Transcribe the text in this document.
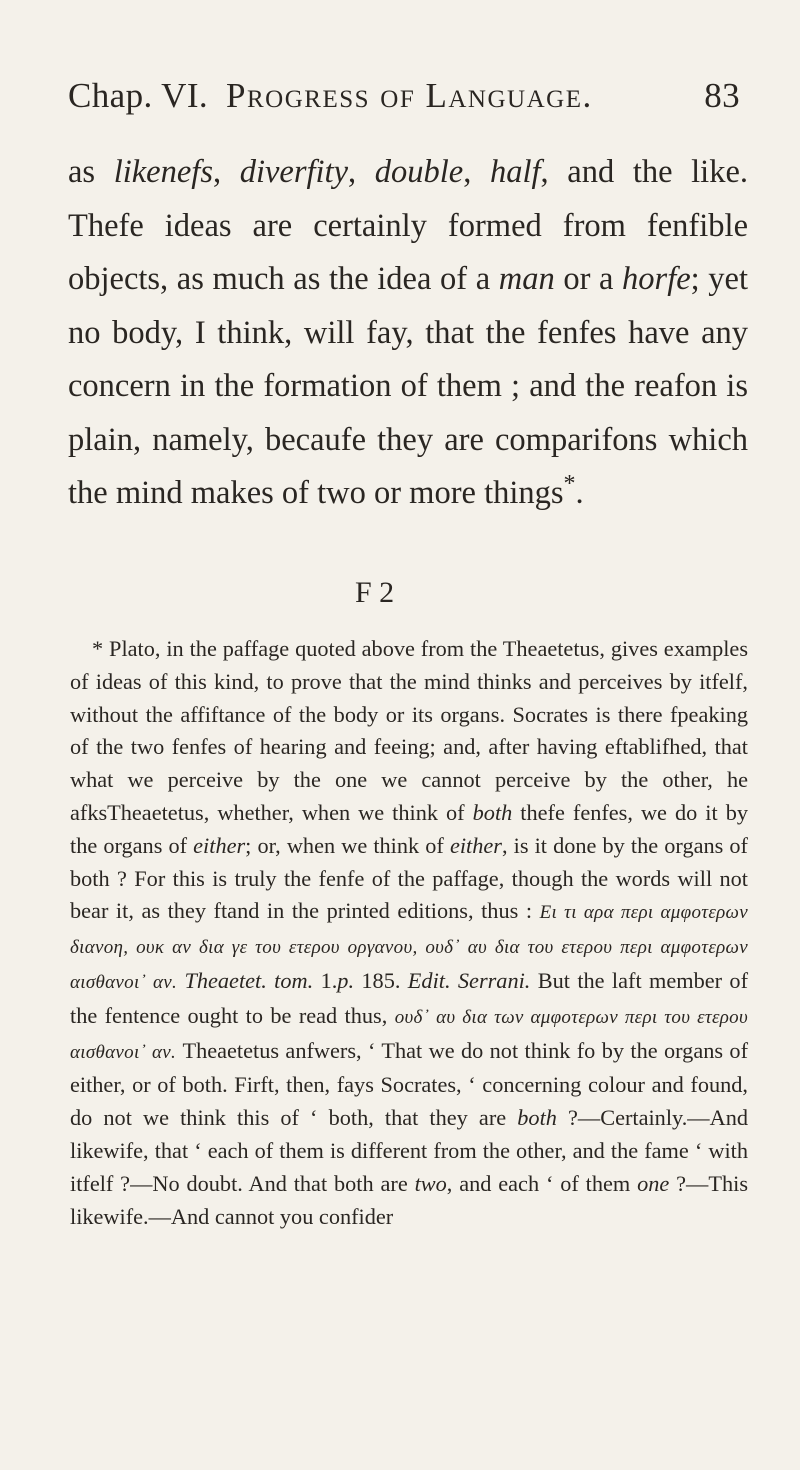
Chap. VI. Progress of Language.	83
as likenefs, diverfity, double, half, and the like. Thefe ideas are certainly formed from fenfible objects, as much as the idea of a man or a horfe; yet no body, I think, will fay, that the fenfes have any concern in the formation of them ; and the reafon is plain, namely, becaufe they are comparifons which the mind makes of two or more things*.
F 2

* Plato, in the paffage quoted above from the Theaetetus, gives examples of ideas of this kind, to prove that the mind thinks and perceives by itfelf, without the affiftance of the body or its organs. Socrates is there fpeaking of the two fenfes of hearing and feeing; and, after having eftablifhed, that what we perceive by the one we cannot perceive by the other, he afksTheaetetus, whether, when we think of both thefe fenfes, we do it by the organs of either; or, when we think of either, is it done by the organs of both ? For this is truly the fenfe of the paffage, though the words will not bear it, as they ftand in the printed editions, thus : Ει τι αρα περι αμφοτερων διανοη, ουκ αν δια γε του ετερου οργανου, ουδ᾽ αυ δια του ετερου περι αμφοτερων αισθανοι᾽ αν. Theaetet. tom. 1.p. 185. Edit. Serrani. But the laft member of the fentence ought to be read thus, ουδ᾽ αυ δια των αμφοτερων περι του ετερου αισθανοι᾽ αν. Theaetetus anfwers, ‘ That we do not think fo by the organs of either, or of both. Firft, then, fays Socrates, ‘ concerning colour and found, do not we think this of ‘ both, that they are both ?—Certainly.—And likewife, that ‘ each of them is different from the other, and the fame ‘ with itfelf ?—No doubt. And that both are two, and each ‘ of them one ?—This likewife.—And cannot you confider
